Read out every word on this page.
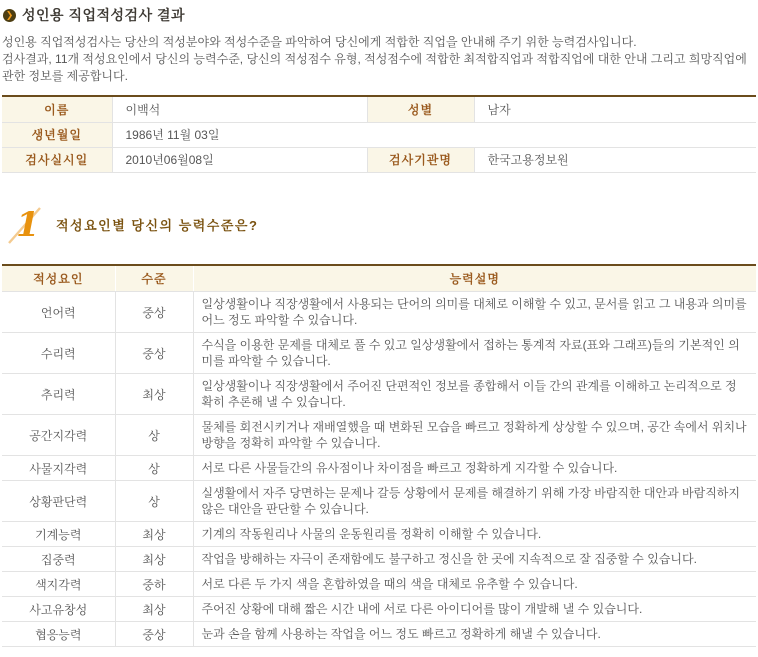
❯ 성인용 직업적성검사 결과
성인용 직업적성검사는 당산의 적성분야와 적성수준을 파악하여 당신에게 적합한 직업을 안내해 주기 위한 능력검사입니다.
검사결과, 11개 적성요인에서 당신의 능력수준, 당신의 적성점수 유형, 적성점수에 적합한 최적합직업과 적합직업에 대한 안내 그리고 희망직업에 관한 정보를 제공합니다.
이름	이백석	성별	남자
생년월일	1986년 11월 03일		
검사실시일	2010년06월08일	검사기관명	한국고용정보원
1 적성요인별 당신의 능력수준은?
적성요인	수준	능력설명
언어력	중상	일상생활이나 직장생활에서 사용되는 단어의 의미를 대체로 이해할 수 있고, 문서를 읽고 그 내용과 의미를 어느 정도 파악할 수 있습니다.
수리력	중상	수식을 이용한 문제를 대체로 풀 수 있고 일상생활에서 접하는 통계적 자료(표와 그래프)들의 기본적인 의미를 파악할 수 있습니다.
추리력	최상	일상생활이나 직장생활에서 주어진 단편적인 정보를 종합해서 이들 간의 관계를 이해하고 논리적으로 정확히 추론해 낼 수 있습니다.
공간지각력	상	물체를 회전시키거나 재배열했을 때 변화된 모습을 빠르고 정확하게 상상할 수 있으며, 공간 속에서 위치나 방향을 정확히 파악할 수 있습니다.
사물지각력	상	서로 다른 사물들간의 유사점이나 차이점을 빠르고 정확하게 지각할 수 있습니다.
상황판단력	상	실생활에서 자주 당면하는 문제나 갈등 상황에서 문제를 해결하기 위해 가장 바람직한 대안과 바람직하지 않은 대안을 판단할 수 있습니다.
기계능력	최상	기계의 작동원리나 사물의 운동원리를 정확히 이해할 수 있습니다.
집중력	최상	작업을 방해하는 자극이 존재함에도 불구하고 정신을 한 곳에 지속적으로 잘 집중할 수 있습니다.
색지각력	중하	서로 다른 두 가지 색을 혼합하였을 때의 색을 대체로 유추할 수 있습니다.
사고유창성	최상	주어진 상황에 대해 짧은 시간 내에 서로 다른 아이디어를 많이 개발해 낼 수 있습니다.
협응능력	중상	눈과 손을 함께 사용하는 작업을 어느 정도 빠르고 정확하게 해낼 수 있습니다.
